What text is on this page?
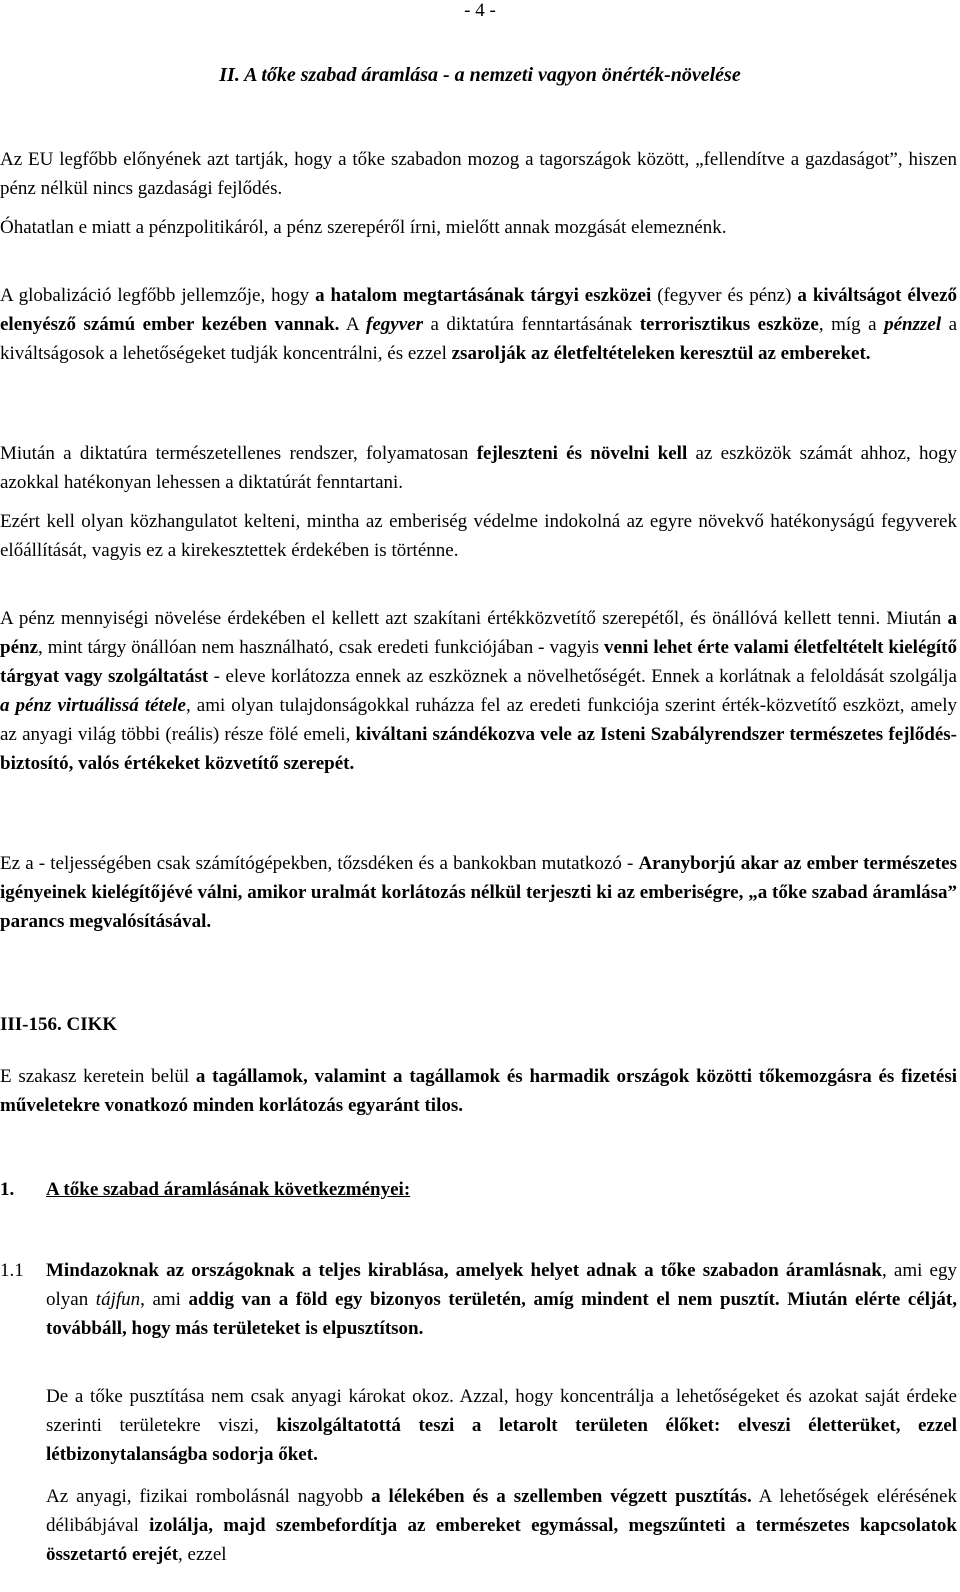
- 4 -
II. A tőke szabad áramlása - a nemzeti vagyon önérték-növelése
Az EU legfőbb előnyének azt tartják, hogy a tőke szabadon mozog a tagországok között, „fellendítve a gazdaságot”, hiszen pénz nélkül nincs gazdasági fejlődés.
Óhatatlan e miatt a pénzpolitikáról, a pénz szerepéről írni, mielőtt annak mozgását elemeznénk.
A globalizáció legfőbb jellemzője, hogy a hatalom megtartásának tárgyi eszközei (fegyver és pénz) a kiváltságot élvező elenyésző számú ember kezében vannak. A fegyver a diktatúra fenntartásának terrorisztikus eszköze, míg a pénzzel a kiváltságosok a lehetőségeket tudják koncentrálni, és ezzel zsarolják az életfeltételeken keresztül az embereket.
Miután a diktatúra természetellenes rendszer, folyamatosan fejleszteni és növelni kell az eszközök számát ahhoz, hogy azokkal hatékonyan lehessen a diktatúrát fenntartani.
Ezért kell olyan közhangulatot kelteni, mintha az emberiség védelme indokolná az egyre növekvő hatékonyságú fegyverek előállítását, vagyis ez a kirekesztettek érdekében is történne.
A pénz mennyiségi növelése érdekében el kellett azt szakítani értékközvetítő szerepétől, és önállóvá kellett tenni. Miután a pénz, mint tárgy önállóan nem használható, csak eredeti funkciójában - vagyis venni lehet érte valami életfeltételt kielégítő tárgyat vagy szolgáltatást - eleve korlátozza ennek az eszköznek a növelhetőségét. Ennek a korlátnak a feloldását szolgálja a pénz virtuálissá tétele, ami olyan tulajdonságokkal ruházza fel az eredeti funkciója szerint érték-közvetítő eszközt, amely az anyagi világ többi (reális) része fölé emeli, kiváltani szándékozva vele az Isteni Szabályrendszer természetes fejlődés-biztosító, valós értékeket közvetítő szerepét.
Ez a - teljességében csak számítógépekben, tőzsdéken és a bankokban mutatkozó - Aranyborjú akar az ember természetes igényeinek kielégítőjévé válni, amikor uralmát korlátozás nélkül terjeszti ki az emberiségre, „a tőke szabad áramlása” parancs megvalósításával.
III-156. CIKK
E szakasz keretein belül a tagállamok, valamint a tagállamok és harmadik országok közötti tőkemozgásra és fizetési műveletekre vonatkozó minden korlátozás egyaránt tilos.
1. A tőke szabad áramlásának következményei:
1.1 Mindazoknak az országoknak a teljes kirablása, amelyek helyet adnak a tőke szabadon áramlásnak, ami egy olyan tájfun, ami addig van a föld egy bizonyos területén, amíg mindent el nem pusztít. Miután elérte célját, továbbáll, hogy más területeket is elpusztítson.
De a tőke pusztítása nem csak anyagi károkat okoz. Azzal, hogy koncentrálja a lehetőségeket és azokat saját érdeke szerinti területekre viszi, kiszolgáltatottá teszi a letarolt területen élőket: elveszi életterüket, ezzel létbizonytalanságba sodorja őket.
Az anyagi, fizikai rombolásnál nagyobb a lélekében és a szellemben végzett pusztítás. A lehetőségek elérésének délibábjával izolálja, majd szembefordítja az embereket egymással, megszűnteti a természetes kapcsolatok összetartó erejét, ezzel
